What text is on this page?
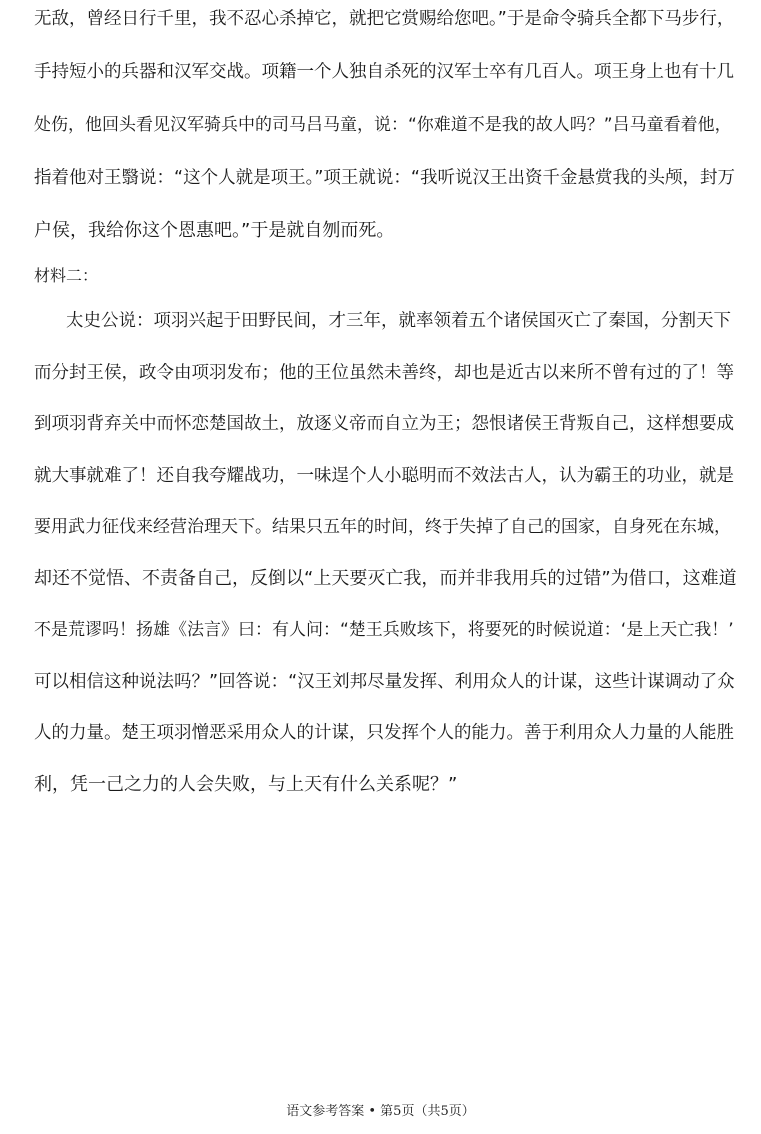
无敌，曾经日行千里，我不忍心杀掉它，就把它赏赐给您吧。”于是命令骑兵全都下马步行，
手持短小的兵器和汉军交战。项籍一个人独自杀死的汉军士卒有几百人。项王身上也有十几
处伤，他回头看见汉军骑兵中的司马吕马童，说：“你难道不是我的故人吗？”吕马童看着他，
指着他对王翳说：“这个人就是项王。”项王就说：“我听说汉王出资千金悬赏我的头颅，封万
户侯，我给你这个恩惠吧。”于是就自刎而死。
材料二：
太史公说：项羽兴起于田野民间，才三年，就率领着五个诸侯国灭亡了秦国，分割天下
而分封王侯，政令由项羽发布；他的王位虽然未善终，却也是近古以来所不曾有过的了！等
到项羽背弃关中而怀恋楚国故土，放逐义帝而自立为王；怨恨诸侯王背叛自己，这样想要成
就大事就难了！还自我夸耀战功，一味逞个人小聪明而不效法古人，认为霸王的功业，就是
要用武力征伐来经营治理天下。结果只五年的时间，终于失掉了自己的国家，自身死在东城，
却还不觉悟、不责备自己，反倒以“上天要灭亡我，而并非我用兵的过错”为借口，这难道
不是荒谬吗！扬雄《法言》曰：有人问：“楚王兵败垓下，将要死的时候说道：‘是上天亡我！’
可以相信这种说法吗？”回答说：“汉王刘邦尽量发挥、利用众人的计谋，这些计谋调动了众
人的力量。楚王项羽憎恶采用众人的计谋，只发挥个人的能力。善于利用众人力量的人能胜
利，凭一己之力的人会失败，与上天有什么关系呢？”
语文参考答案 • 第5页（共5页）
